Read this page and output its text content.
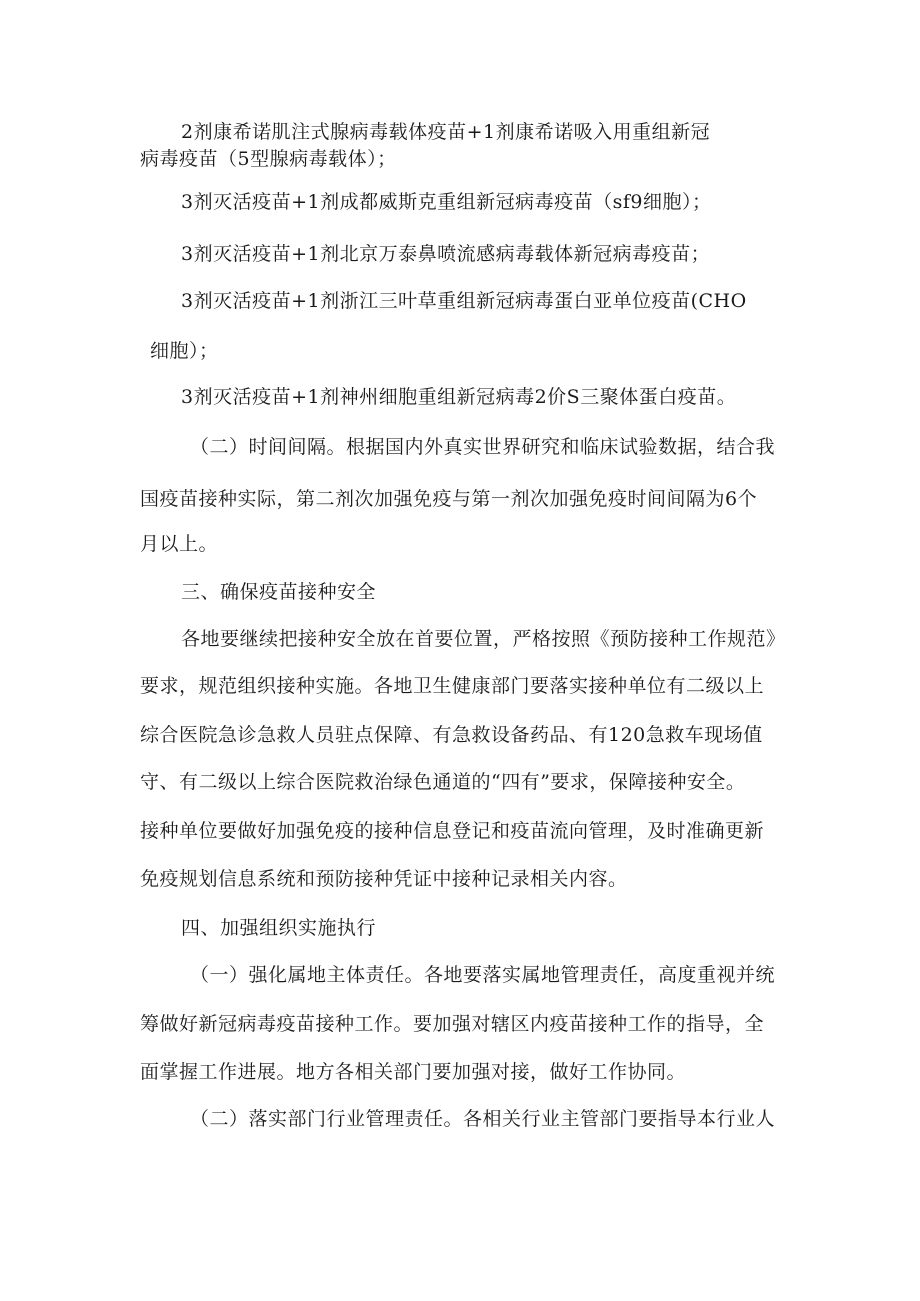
2剂康希诺肌注式腺病毒载体疫苗+1剂康希诺吸入用重组新冠
病毒疫苗（5型腺病毒载体）；
3剂灭活疫苗+1剂成都威斯克重组新冠病毒疫苗（sf9细胞）；
3剂灭活疫苗+1剂北京万泰鼻喷流感病毒载体新冠病毒疫苗；
3剂灭活疫苗+1剂浙江三叶草重组新冠病毒蛋白亚单位疫苗(CHO
细胞）；
3剂灭活疫苗+1剂神州细胞重组新冠病毒2价S三聚体蛋白疫苗。
（二）时间间隔。根据国内外真实世界研究和临床试验数据，结合我
国疫苗接种实际，第二剂次加强免疫与第一剂次加强免疫时间间隔为6个
月以上。
三、确保疫苗接种安全
各地要继续把接种安全放在首要位置，严格按照《预防接种工作规范》
要求，规范组织接种实施。各地卫生健康部门要落实接种单位有二级以上
综合医院急诊急救人员驻点保障、有急救设备药品、有120急救车现场值
守、有二级以上综合医院救治绿色通道的“四有”要求，保障接种安全。
接种单位要做好加强免疫的接种信息登记和疫苗流向管理，及时准确更新
免疫规划信息系统和预防接种凭证中接种记录相关内容。
四、加强组织实施执行
（一）强化属地主体责任。各地要落实属地管理责任，高度重视并统
筹做好新冠病毒疫苗接种工作。要加强对辖区内疫苗接种工作的指导，全
面掌握工作进展。地方各相关部门要加强对接，做好工作协同。
（二）落实部门行业管理责任。各相关行业主管部门要指导本行业人
